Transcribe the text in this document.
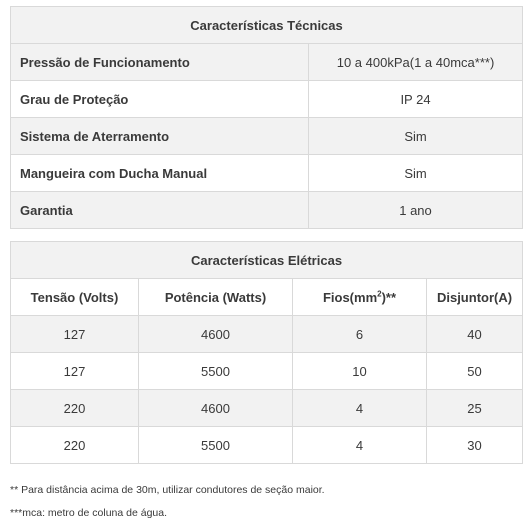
Características Técnicas	
Pressão de Funcionamento	10 a 400kPa(1 a 40mca***)
Grau de Proteção	IP 24
Sistema de Aterramento	Sim
Mangueira com Ducha Manual	Sim
Garantia	1 ano
Características Elétricas			
Tensão (Volts)	Potência (Watts)	$Fios(mm^2)**$	Disjuntor(A)
127	4600	6	40
127	5500	10	50
220	4600	4	25
220	5500	4	30
** Para distância acima de 30m, utilizar condutores de seção maior.
***mca: metro de coluna de água.
